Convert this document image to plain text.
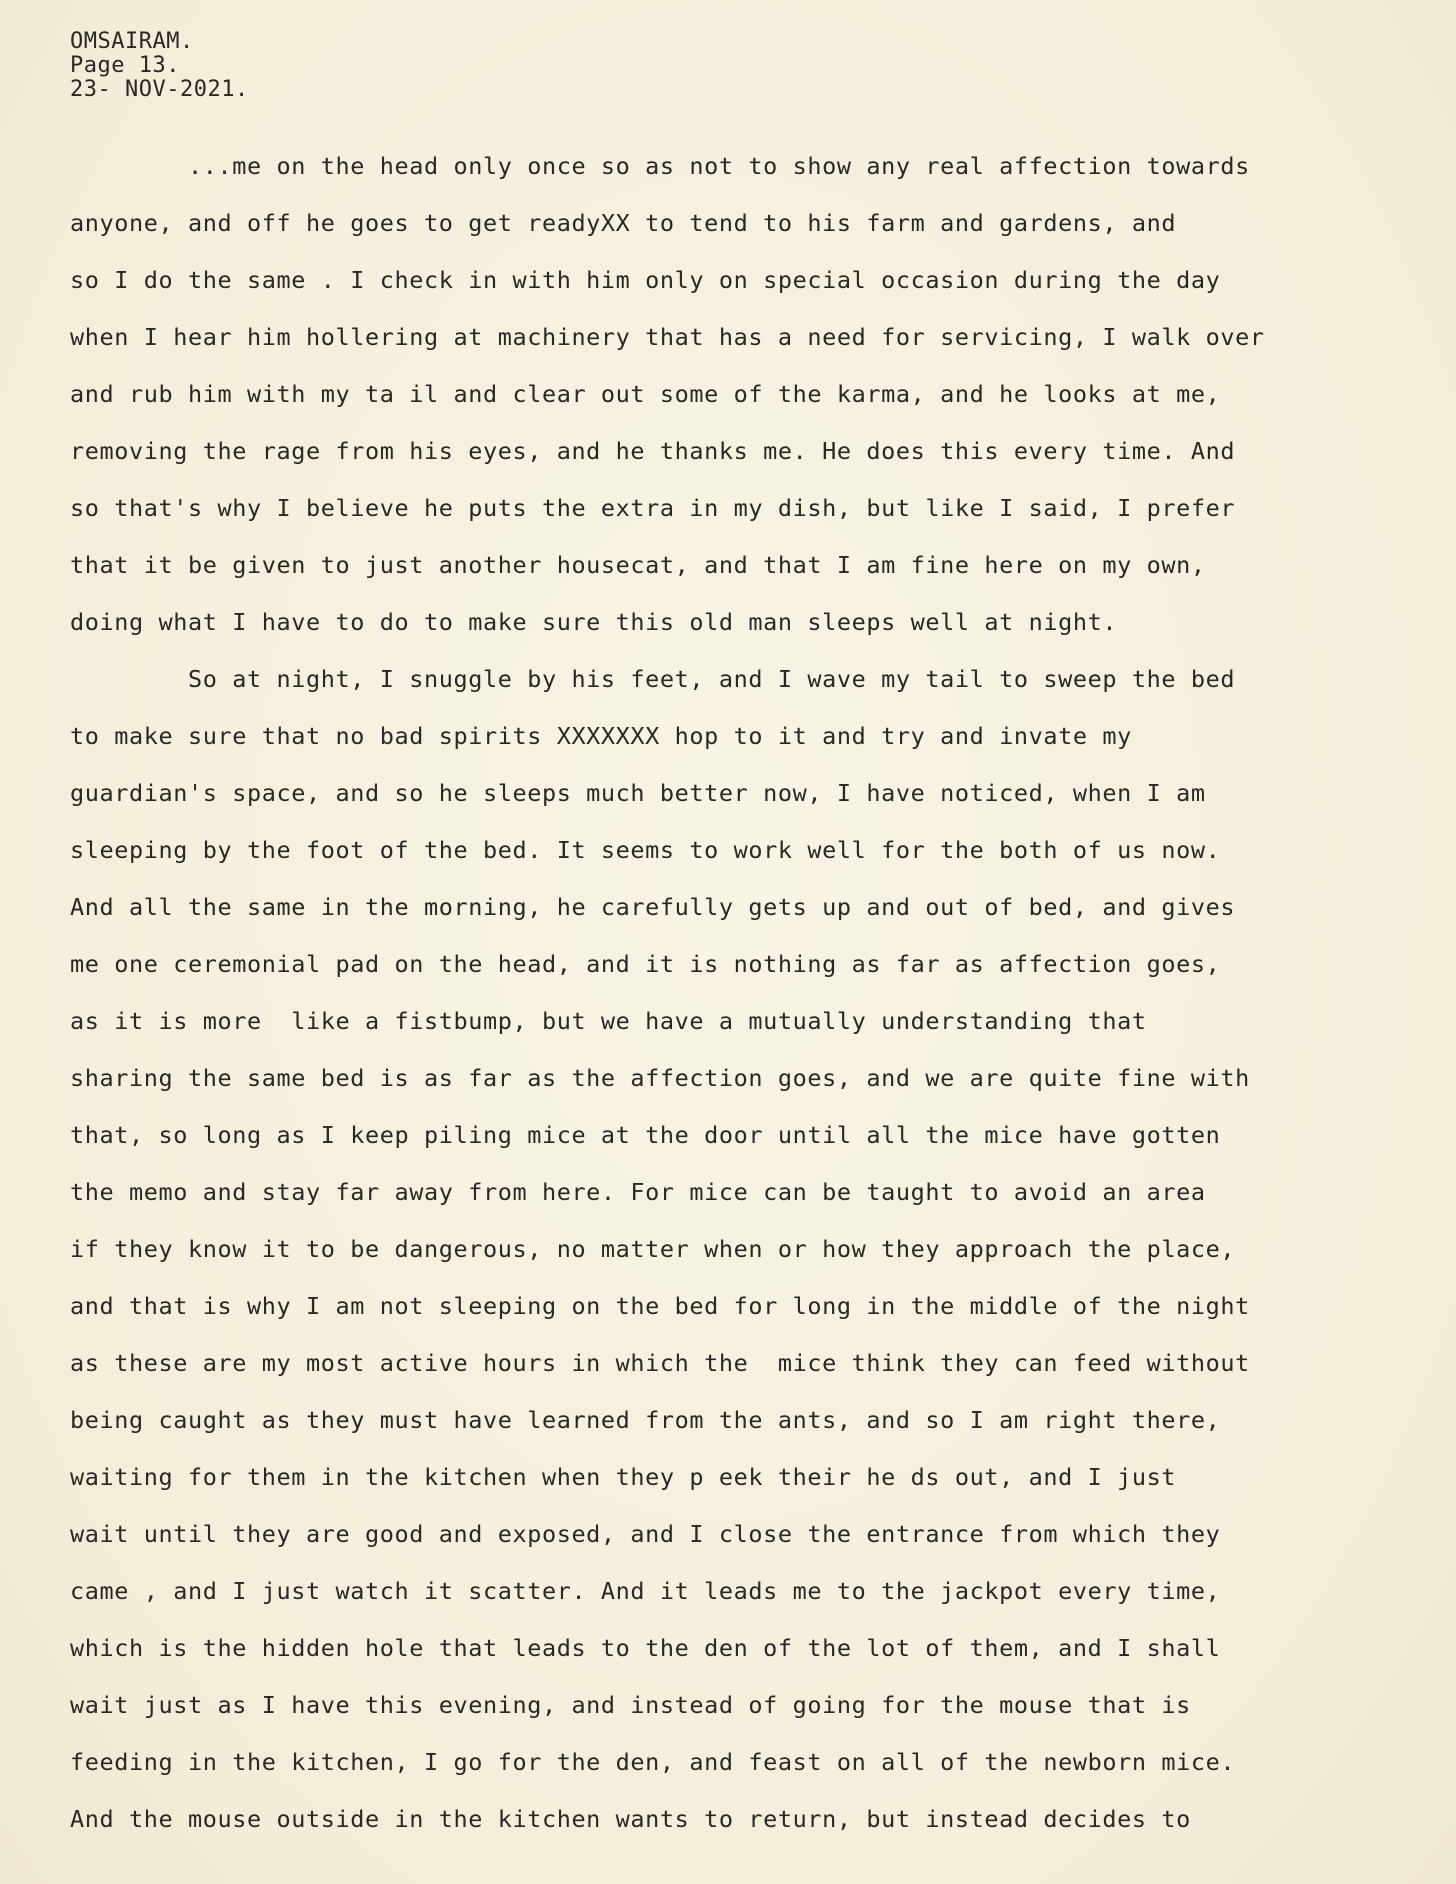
OMSAIRAM.
Page 13.
23- NOV-2021.
...me on the head only once so as not to show any real affection towards
anyone, and off he goes to get readyXX to tend to his farm and gardens, and
so I do the same . I check in with him only on special occasion during the day
when I hear him hollering at machinery that has a need for servicing, I walk over
and rub him with my ta il and clear out some of the karma, and he looks at me,
removing the rage from his eyes, and he thanks me. He does this every time. And
so that's why I believe he puts the extra in my dish, but like I said, I prefer
that it be given to just another housecat, and that I am fine here on my own,
doing what I have to do to make sure this old man sleeps well at night.
So at night, I snuggle by his feet, and I wave my tail to sweep the bed
to make sure that no bad spirits XXXXXXX hop to it and try and invate my
guardian's space, and so he sleeps much better now, I have noticed, when I am
sleeping by the foot of the bed. It seems to work well for the both of us now.
And all the same in the morning, he carefully gets up and out of bed, and gives
me one ceremonial pad on the head, and it is nothing as far as affection goes,
as it is more  like a fistbump, but we have a mutually understanding that
sharing the same bed is as far as the affection goes, and we are quite fine with
that, so long as I keep piling mice at the door until all the mice have gotten
the memo and stay far away from here. For mice can be taught to avoid an area
if they know it to be dangerous, no matter when or how they approach the place,
and that is why I am not sleeping on the bed for long in the middle of the night
as these are my most active hours in which the  mice think they can feed without
being caught as they must have learned from the ants, and so I am right there,
waiting for them in the kitchen when they p eek their he ds out, and I just
wait until they are good and exposed, and I close the entrance from which they
came , and I just watch it scatter. And it leads me to the jackpot every time,
which is the hidden hole that leads to the den of the lot of them, and I shall
wait just as I have this evening, and instead of going for the mouse that is
feeding in the kitchen, I go for the den, and feast on all of the newborn mice.
And the mouse outside in the kitchen wants to return, but instead decides to
